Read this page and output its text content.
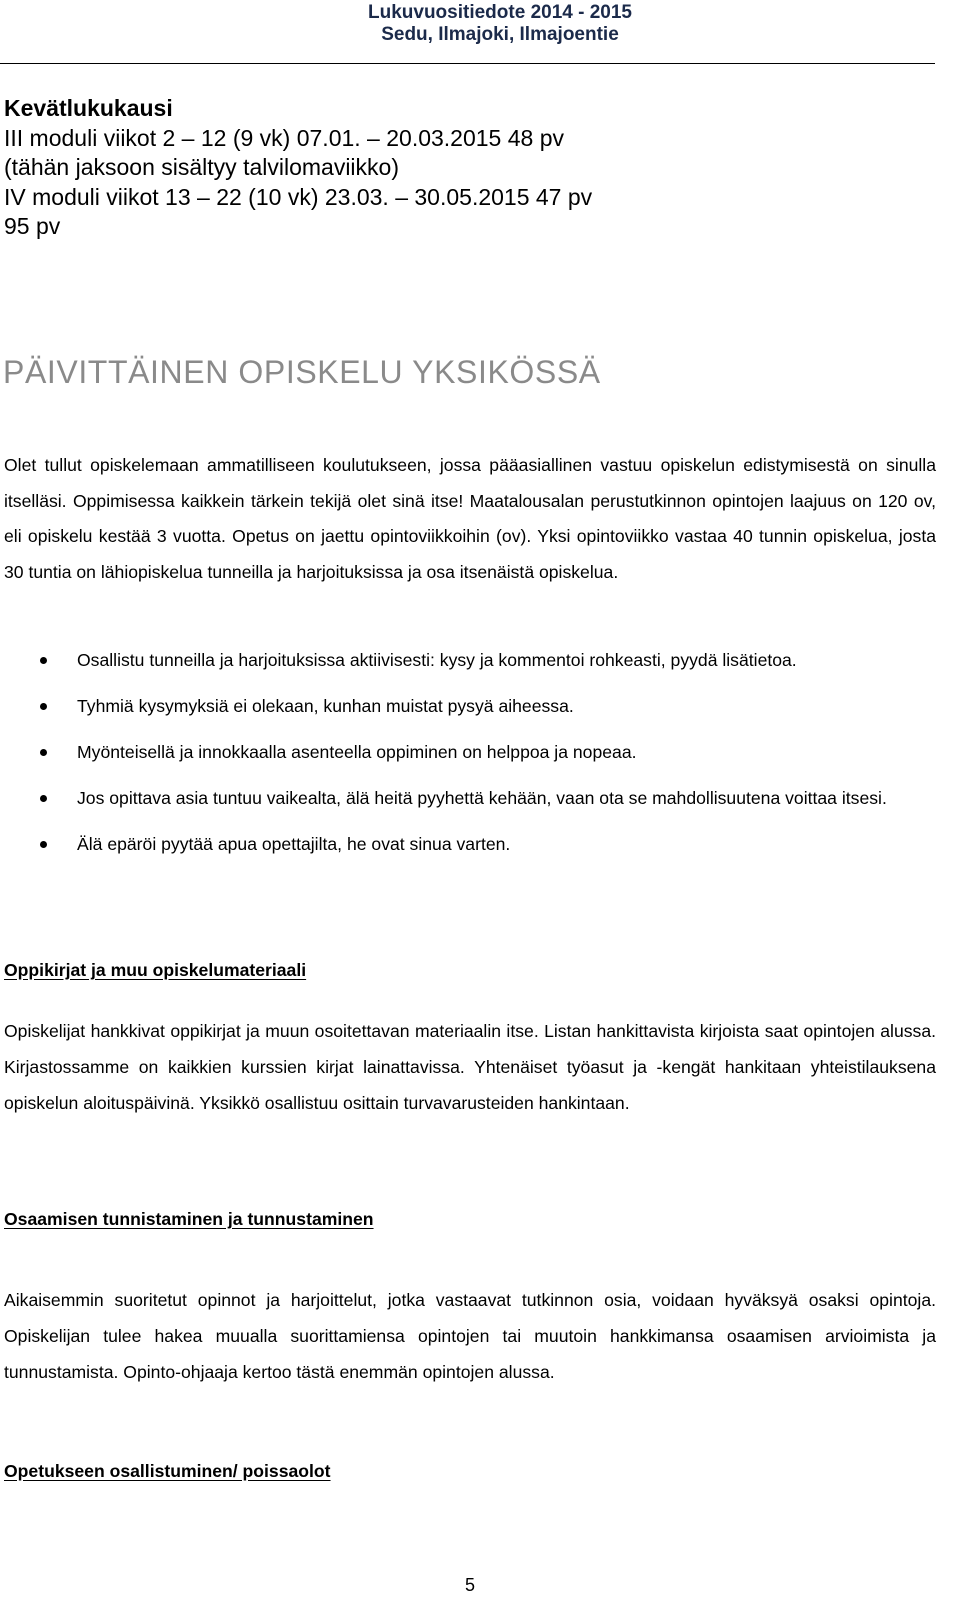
Lukuvuositiedote 2014 - 2015
Sedu, Ilmajoki, Ilmajoentie
Kevätlukukausi
III moduli viikot 2 – 12 (9 vk) 07.01. – 20.03.2015 48 pv
(tähän jaksoon sisältyy talvilomaviikko)
IV moduli viikot 13 – 22 (10 vk) 23.03. – 30.05.2015 47 pv
95 pv
PÄIVITTÄINEN OPISKELU YKSIKÖSSÄ

Olet tullut opiskelemaan ammatilliseen koulutukseen, jossa pääasiallinen vastuu opiskelun edistymisestä on sinulla itselläsi. Oppimisessa kaikkein tärkein tekijä olet sinä itse! Maatalousalan perustutkinnon opintojen laajuus on 120 ov, eli opiskelu kestää 3 vuotta. Opetus on jaettu opintoviikkoihin (ov). Yksi opintoviikko vastaa 40 tunnin opiskelua, josta 30 tuntia on lähiopiskelua tunneilla ja harjoituksissa ja osa itsenäistä opiskelua.

Osallistu tunneilla ja harjoituksissa aktiivisesti: kysy ja kommentoi rohkeasti, pyydä lisätietoa.
Tyhmiä kysymyksiä ei olekaan, kunhan muistat pysyä aiheessa.
Myönteisellä ja innokkaalla asenteella oppiminen on helppoa ja nopeaa.
Jos opittava asia tuntuu vaikealta, älä heitä pyyhettä kehään, vaan ota se mahdollisuutena voittaa itsesi.
Älä epäröi pyytää apua opettajilta, he ovat sinua varten.
Oppikirjat ja muu opiskelumateriaali

Opiskelijat hankkivat oppikirjat ja muun osoitettavan materiaalin itse. Listan hankittavista kirjoista saat opintojen alussa. Kirjastossamme on kaikkien kurssien kirjat lainattavissa. Yhtenäiset työasut ja -kengät hankitaan yhteistilauksena opiskelun aloituspäivinä. Yksikkö osallistuu osittain turvavarusteiden hankintaan.

Osaamisen tunnistaminen ja tunnustaminen

Aikaisemmin suoritetut opinnot ja harjoittelut, jotka vastaavat tutkinnon osia, voidaan hyväksyä osaksi opintoja. Opiskelijan tulee hakea muualla suorittamiensa opintojen tai muutoin hankkimansa osaamisen arvioimista ja tunnustamista. Opinto-ohjaaja kertoo tästä enemmän opintojen alussa.

Opetukseen osallistuminen/ poissaolot
5
